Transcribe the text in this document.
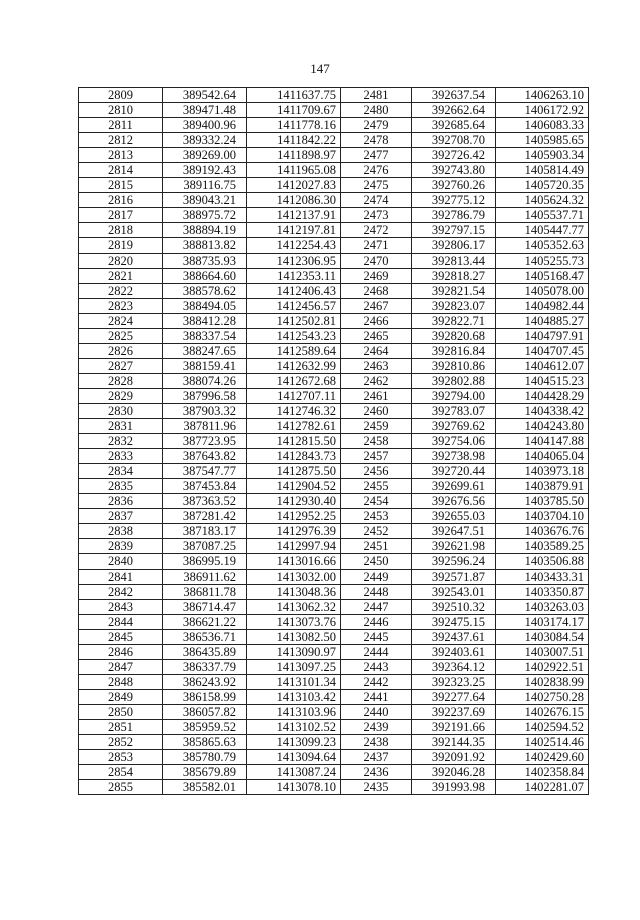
147
2809	389542.64	1411637.75	2481	392637.54	1406263.10
2810	389471.48	1411709.67	2480	392662.64	1406172.92
2811	389400.96	1411778.16	2479	392685.64	1406083.33
2812	389332.24	1411842.22	2478	392708.70	1405985.65
2813	389269.00	1411898.97	2477	392726.42	1405903.34
2814	389192.43	1411965.08	2476	392743.80	1405814.49
2815	389116.75	1412027.83	2475	392760.26	1405720.35
2816	389043.21	1412086.30	2474	392775.12	1405624.32
2817	388975.72	1412137.91	2473	392786.79	1405537.71
2818	388894.19	1412197.81	2472	392797.15	1405447.77
2819	388813.82	1412254.43	2471	392806.17	1405352.63
2820	388735.93	1412306.95	2470	392813.44	1405255.73
2821	388664.60	1412353.11	2469	392818.27	1405168.47
2822	388578.62	1412406.43	2468	392821.54	1405078.00
2823	388494.05	1412456.57	2467	392823.07	1404982.44
2824	388412.28	1412502.81	2466	392822.71	1404885.27
2825	388337.54	1412543.23	2465	392820.68	1404797.91
2826	388247.65	1412589.64	2464	392816.84	1404707.45
2827	388159.41	1412632.99	2463	392810.86	1404612.07
2828	388074.26	1412672.68	2462	392802.88	1404515.23
2829	387996.58	1412707.11	2461	392794.00	1404428.29
2830	387903.32	1412746.32	2460	392783.07	1404338.42
2831	387811.96	1412782.61	2459	392769.62	1404243.80
2832	387723.95	1412815.50	2458	392754.06	1404147.88
2833	387643.82	1412843.73	2457	392738.98	1404065.04
2834	387547.77	1412875.50	2456	392720.44	1403973.18
2835	387453.84	1412904.52	2455	392699.61	1403879.91
2836	387363.52	1412930.40	2454	392676.56	1403785.50
2837	387281.42	1412952.25	2453	392655.03	1403704.10
2838	387183.17	1412976.39	2452	392647.51	1403676.76
2839	387087.25	1412997.94	2451	392621.98	1403589.25
2840	386995.19	1413016.66	2450	392596.24	1403506.88
2841	386911.62	1413032.00	2449	392571.87	1403433.31
2842	386811.78	1413048.36	2448	392543.01	1403350.87
2843	386714.47	1413062.32	2447	392510.32	1403263.03
2844	386621.22	1413073.76	2446	392475.15	1403174.17
2845	386536.71	1413082.50	2445	392437.61	1403084.54
2846	386435.89	1413090.97	2444	392403.61	1403007.51
2847	386337.79	1413097.25	2443	392364.12	1402922.51
2848	386243.92	1413101.34	2442	392323.25	1402838.99
2849	386158.99	1413103.42	2441	392277.64	1402750.28
2850	386057.82	1413103.96	2440	392237.69	1402676.15
2851	385959.52	1413102.52	2439	392191.66	1402594.52
2852	385865.63	1413099.23	2438	392144.35	1402514.46
2853	385780.79	1413094.64	2437	392091.92	1402429.60
2854	385679.89	1413087.24	2436	392046.28	1402358.84
2855	385582.01	1413078.10	2435	391993.98	1402281.07
